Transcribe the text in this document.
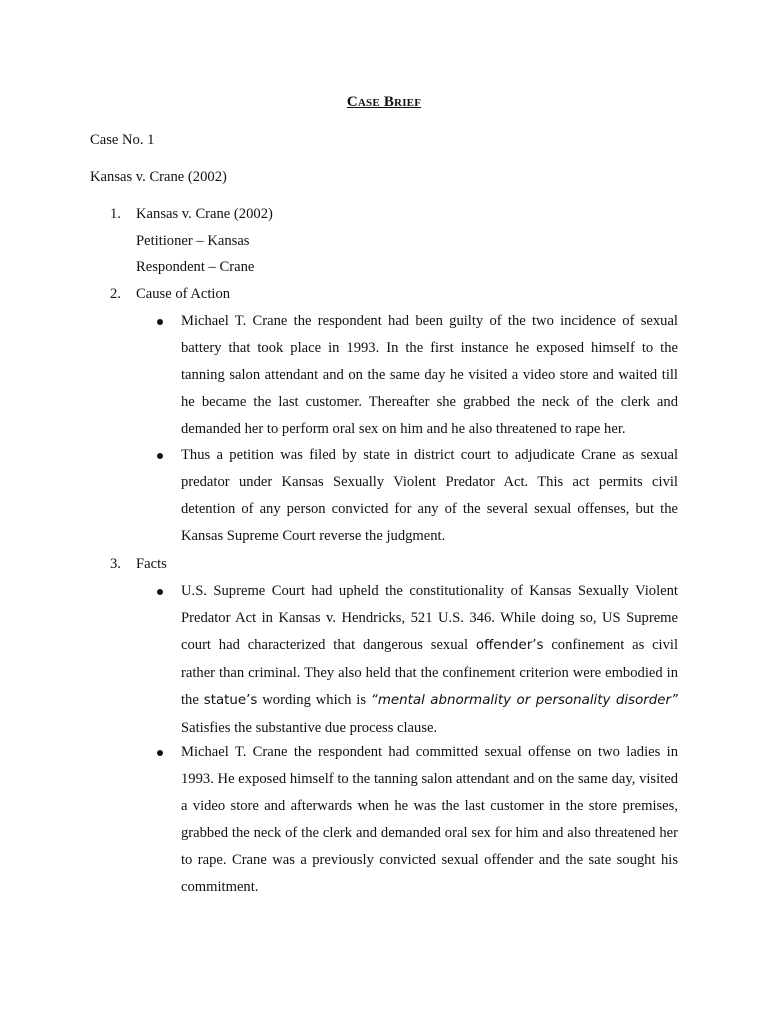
Case Brief
Case No. 1
Kansas v. Crane (2002)
1. Kansas v. Crane (2002)
Petitioner – Kansas
Respondent – Crane
2. Cause of Action
Michael T. Crane the respondent had been guilty of the two incidence of sexual battery that took place in 1993. In the first instance he exposed himself to the tanning salon attendant and on the same day he visited a video store and waited till he became the last customer. Thereafter she grabbed the neck of the clerk and demanded her to perform oral sex on him and he also threatened to rape her.
Thus a petition was filed by state in district court to adjudicate Crane as sexual predator under Kansas Sexually Violent Predator Act. This act permits civil detention of any person convicted for any of the several sexual offenses, but the Kansas Supreme Court reverse the judgment.
3. Facts
U.S. Supreme Court had upheld the constitutionality of Kansas Sexually Violent Predator Act in Kansas v. Hendricks, 521 U.S. 346. While doing so, US Supreme court had characterized that dangerous sexual offender’s confinement as civil rather than criminal. They also held that the confinement criterion were embodied in the statue’s wording which is “mental abnormality or personality disorder” Satisfies the substantive due process clause.
Michael T. Crane the respondent had committed sexual offense on two ladies in 1993. He exposed himself to the tanning salon attendant and on the same day, visited a video store and afterwards when he was the last customer in the store premises, grabbed the neck of the clerk and demanded oral sex for him and also threatened her to rape. Crane was a previously convicted sexual offender and the sate sought his commitment.
